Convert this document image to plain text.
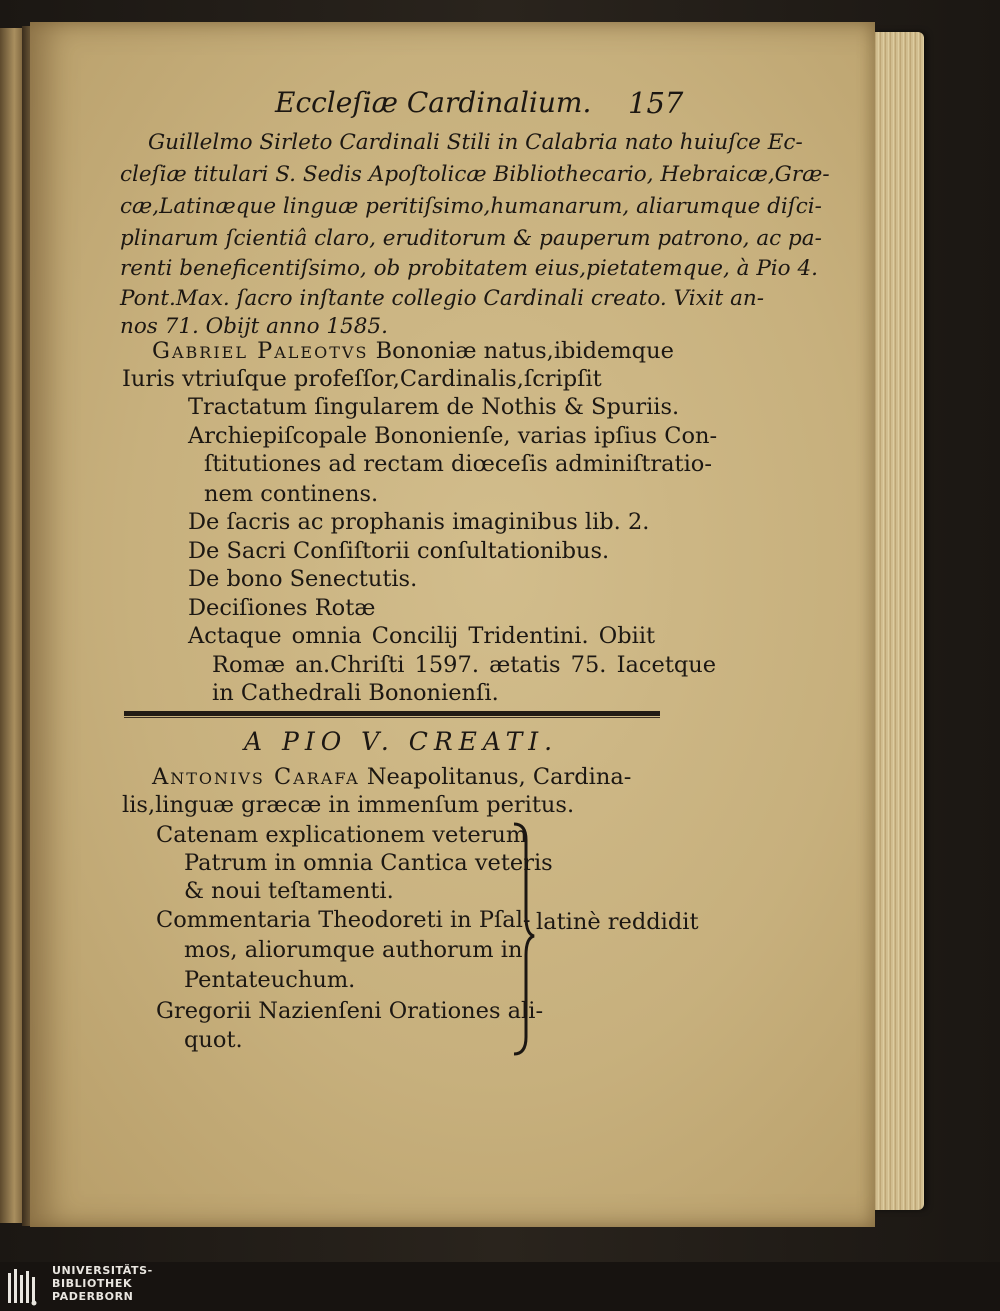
Eccleſiæ Cardinalium. 157
Guillelmo Sirleto Cardinali Stili in Calabria nato huiuſce Ec-
cleſiæ titulari S. Sedis Apoſtolicæ Bibliothecario, Hebraicæ,Græ-
cæ,Latinæque linguæ peritiſsimo,humanarum, aliarumque diſci-
plinarum ſcientiâ claro, eruditorum & pauperum patrono, ac pa-
renti beneficentiſsimo, ob probitatem eius,pietatemque, à Pio 4.
Pont.Max. ſacro inſtante collegio Cardinali creato. Vixit an-
nos 71. Obijt anno 1585.
Gabriel Paleotvs Bononiæ natus,ibidemque
Iuris vtriuſque profeſſor,Cardinalis,ſcripſit
Tractatum ſingularem de Nothis & Spuriis.
Archiepiſcopale Bononienſe, varias ipſius Con-
ſtitutiones ad rectam diœceſis adminiſtratio-
nem continens.
De ſacris ac prophanis imaginibus lib. 2.
De Sacri Conſiſtorii conſultationibus.
De bono Senectutis.
Deciſiones Rotæ
Actaque omnia Concilij Tridentini. Obiit
Romæ an.Chriſti 1597. ætatis 75. Iacetque
in Cathedrali Bononienſi.
A PIO V. CREATI.
Antonivs Carafa Neapolitanus, Cardina-
lis,linguæ græcæ in immenſum peritus.
Catenam explicationem veterum
Patrum in omnia Cantica veteris
& noui teſtamenti.
Commentaria Theodoreti in Pſal-
mos, aliorumque authorum in
Pentateuchum.
Gregorii Nazienſeni Orationes ali-
quot.
latinè reddidit
UNIVERSITÄTS-
BIBLIOTHEK
PADERBORN
